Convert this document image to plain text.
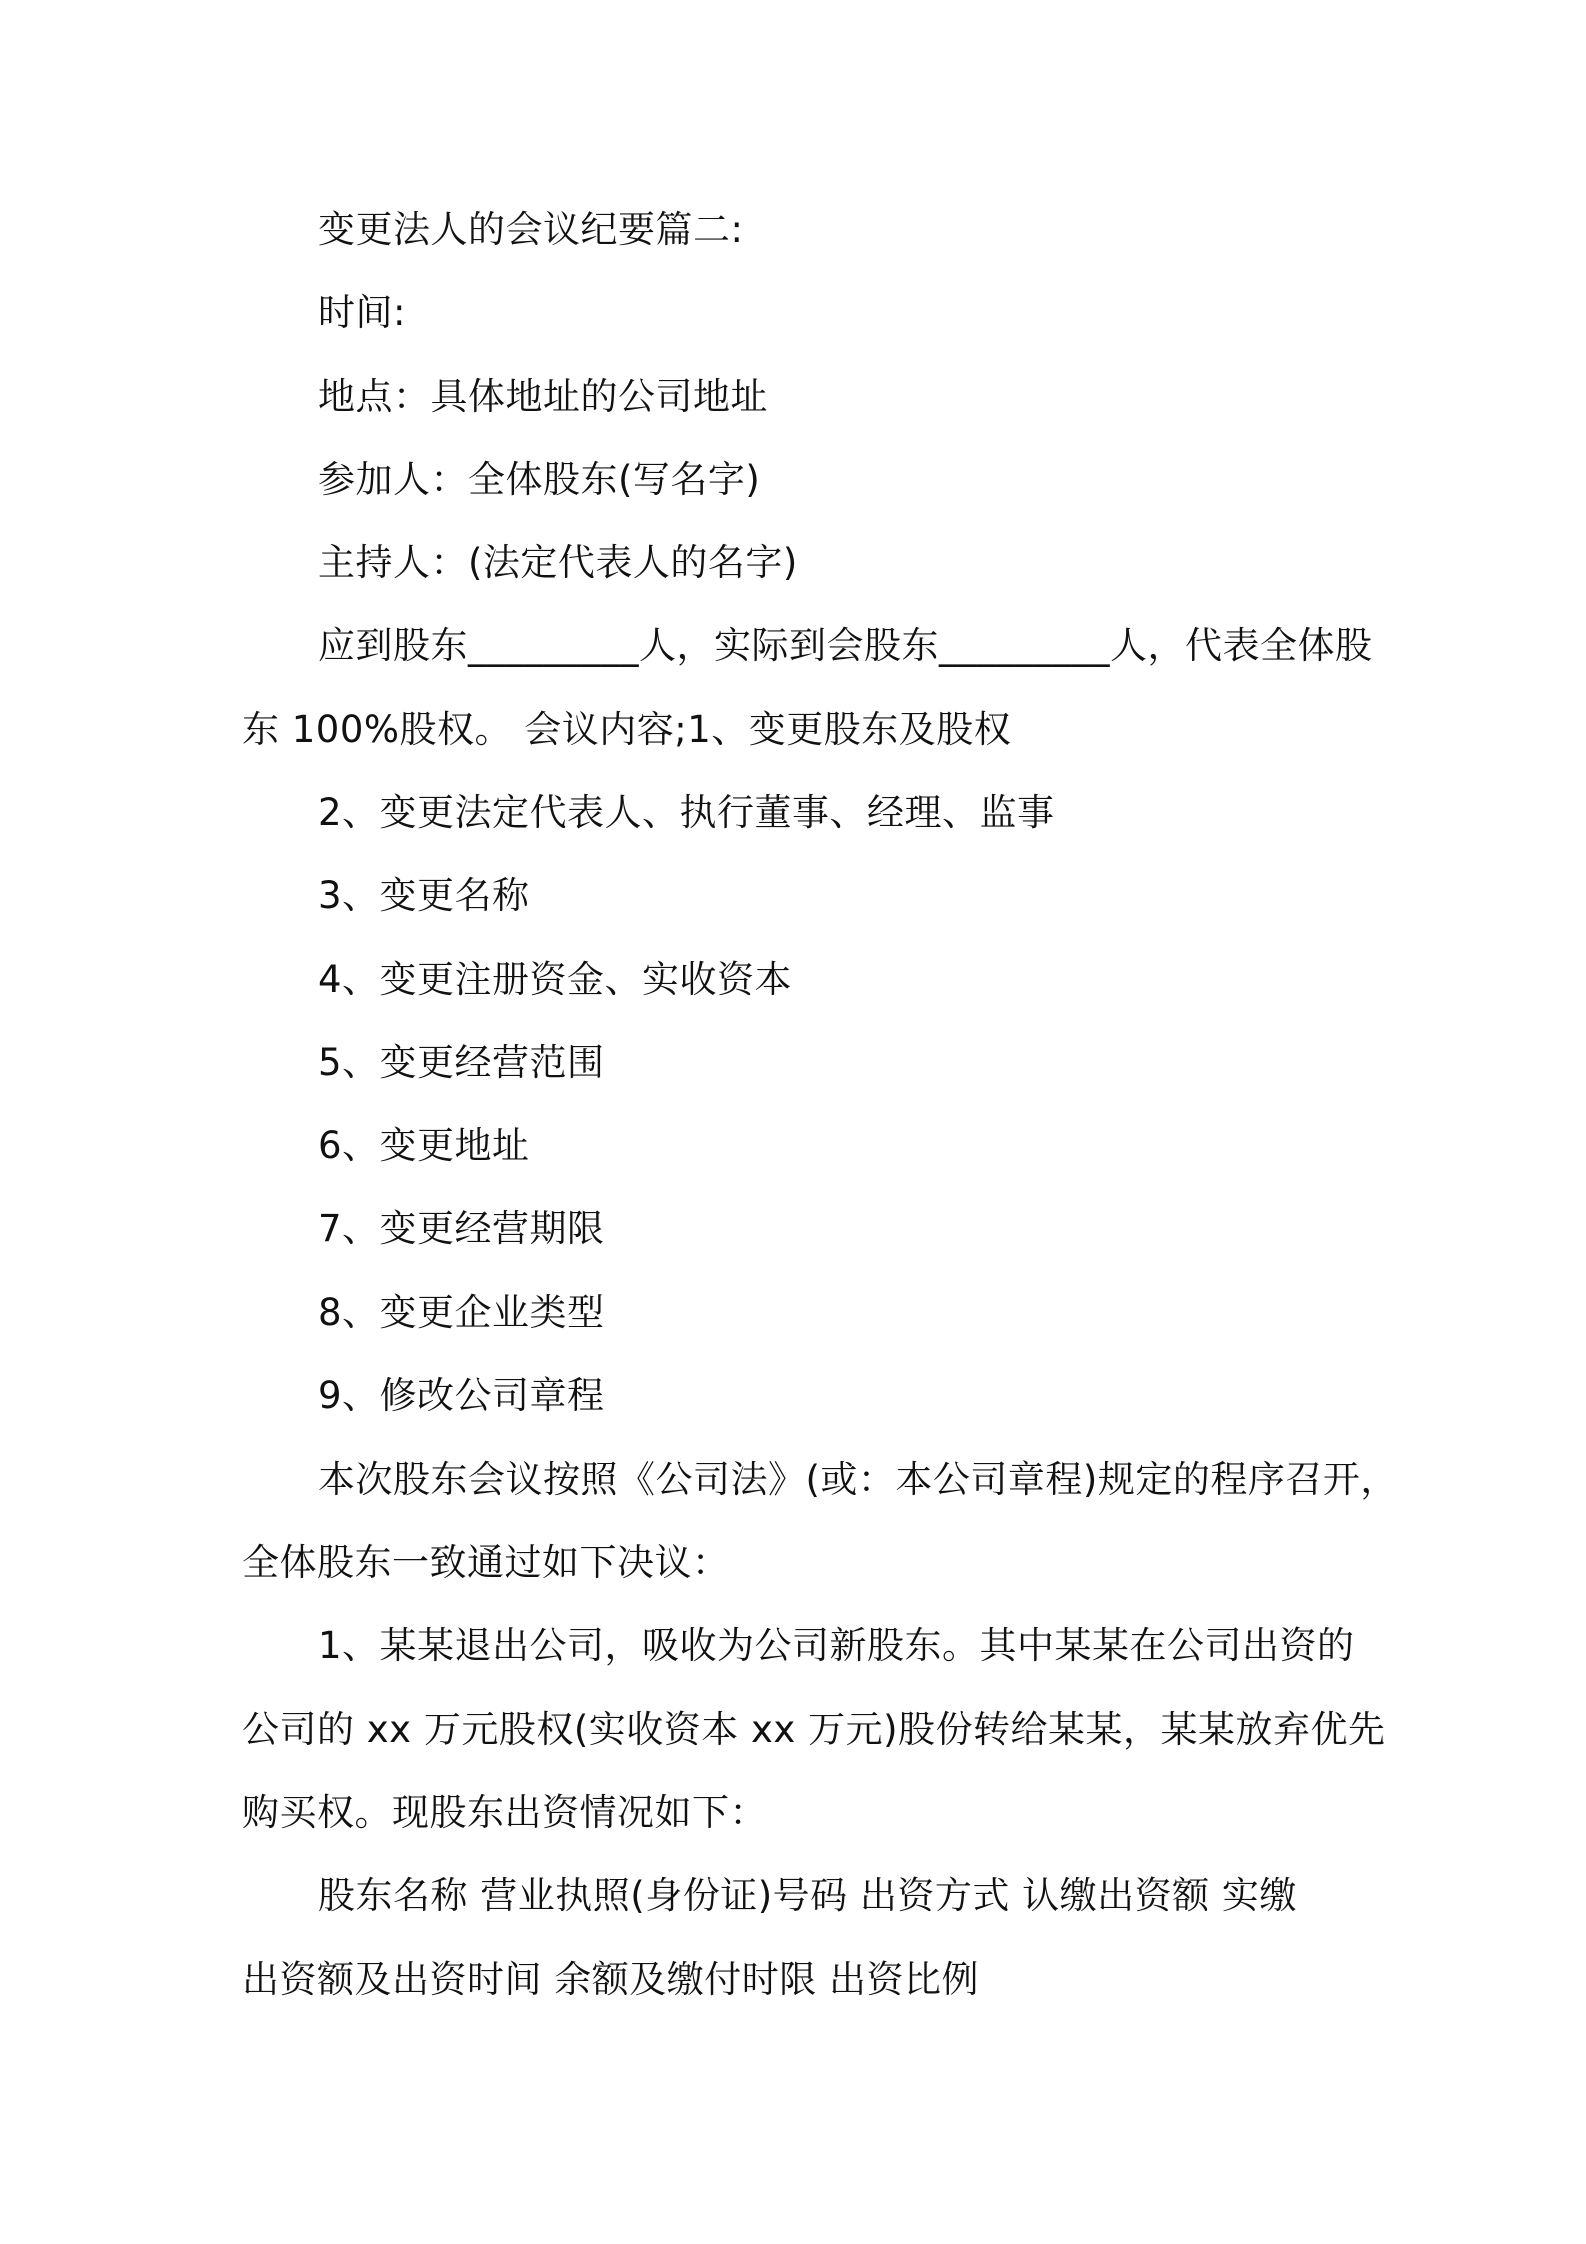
变更法人的会议纪要篇二:
时间:
地点：具体地址的公司地址
参加人：全体股东(写名字)
主持人：(法定代表人的名字)
应到股东_________人，实际到会股东_________人，代表全体股
东 100%股权。 会议内容;1、变更股东及股权
2、变更法定代表人、执行董事、经理、监事
3、变更名称
4、变更注册资金、实收资本
5、变更经营范围
6、变更地址
7、变更经营期限
8、变更企业类型
9、修改公司章程
本次股东会议按照《公司法》(或：本公司章程)规定的程序召开，
全体股东一致通过如下决议：
1、某某退出公司，吸收为公司新股东。其中某某在公司出资的
公司的 xx 万元股权(实收资本 xx 万元)股份转给某某，某某放弃优先
购买权。现股东出资情况如下：
股东名称 营业执照(身份证)号码 出资方式 认缴出资额 实缴
出资额及出资时间 余额及缴付时限 出资比例
